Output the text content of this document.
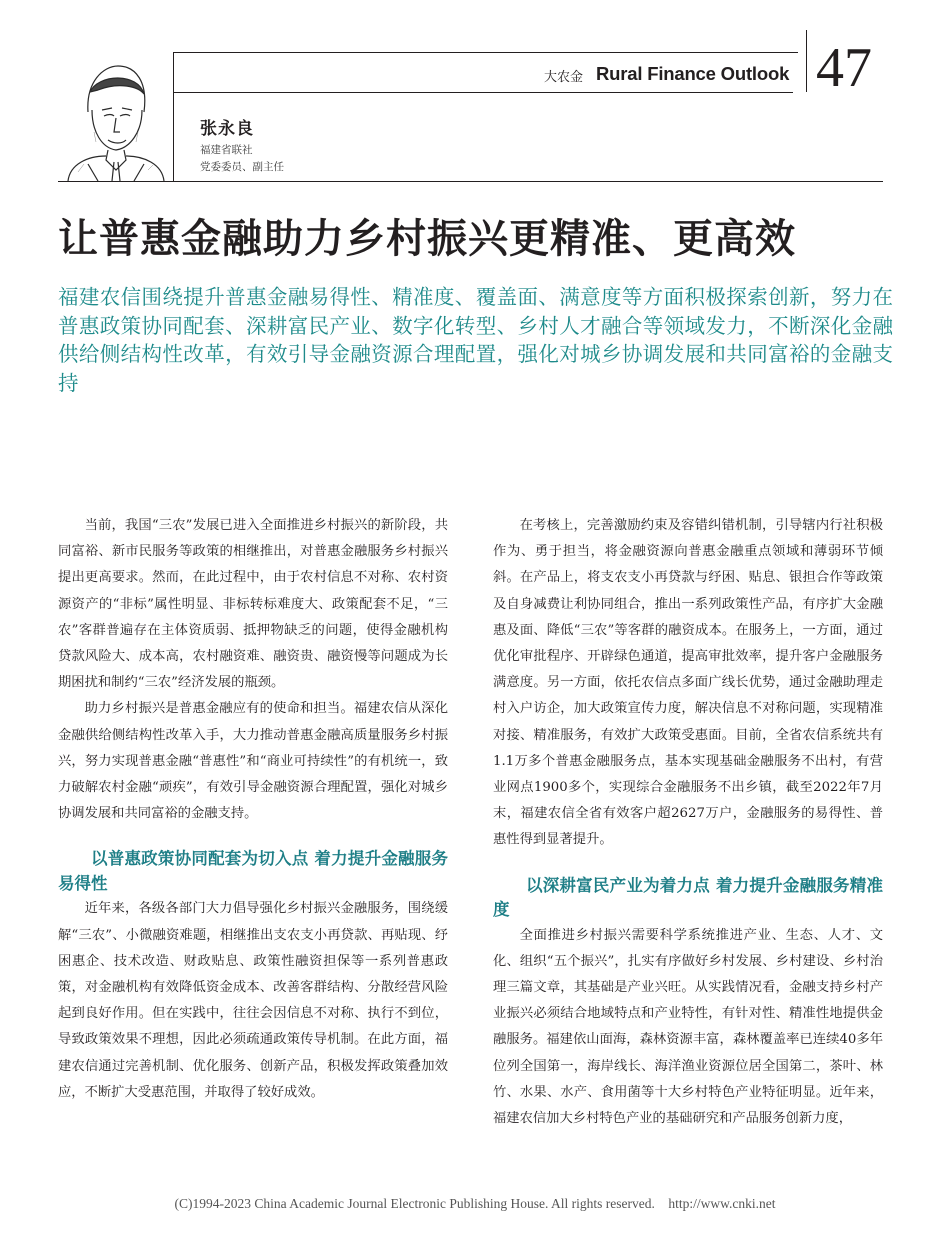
张永良
福建省联社
党委委员、副主任
大农金 Rural Finance Outlook 47
让普惠金融助力乡村振兴更精准、更高效
福建农信围绕提升普惠金融易得性、精准度、覆盖面、满意度等方面积极探索创新，努力在普惠政策协同配套、深耕富民产业、数字化转型、乡村人才融合等领域发力，不断深化金融供给侧结构性改革，有效引导金融资源合理配置，强化对城乡协调发展和共同富裕的金融支持

当前，我国“三农”发展已进入全面推进乡村振兴的新阶段，共同富裕、新市民服务等政策的相继推出，对普惠金融服务乡村振兴提出更高要求。然而，在此过程中，由于农村信息不对称、农村资源资产的“非标”属性明显、非标转标难度大、政策配套不足，“三农”客群普遍存在主体资质弱、抵押物缺乏的问题，使得金融机构贷款风险大、成本高，农村融资难、融资贵、融资慢等问题成为长期困扰和制约“三农”经济发展的瓶颈。

助力乡村振兴是普惠金融应有的使命和担当。福建农信从深化金融供给侧结构性改革入手，大力推动普惠金融高质量服务乡村振兴，努力实现普惠金融“普惠性”和“商业可持续性”的有机统一，致力破解农村金融“顽疾”，有效引导金融资源合理配置，强化对城乡协调发展和共同富裕的金融支持。

以普惠政策协同配套为切入点 着力提升金融服务易得性

近年来，各级各部门大力倡导强化乡村振兴金融服务，围绕缓解“三农”、小微融资难题，相继推出支农支小再贷款、再贴现、纾困惠企、技术改造、财政贴息、政策性融资担保等一系列普惠政策，对金融机构有效降低资金成本、改善客群结构、分散经营风险起到良好作用。但在实践中，往往会因信息不对称、执行不到位，导致政策效果不理想，因此必须疏通政策传导机制。在此方面，福建农信通过完善机制、优化服务、创新产品，积极发挥政策叠加效应，不断扩大受惠范围，并取得了较好成效。

在考核上，完善激励约束及容错纠错机制，引导辖内行社积极作为、勇于担当，将金融资源向普惠金融重点领域和薄弱环节倾斜。在产品上，将支农支小再贷款与纾困、贴息、银担合作等政策及自身减费让利协同组合，推出一系列政策性产品，有序扩大金融惠及面、降低“三农”等客群的融资成本。在服务上，一方面，通过优化审批程序、开辟绿色通道，提高审批效率，提升客户金融服务满意度。另一方面，依托农信点多面广线长优势，通过金融助理走村入户访企，加大政策宣传力度，解决信息不对称问题，实现精准对接、精准服务，有效扩大政策受惠面。目前，全省农信系统共有1.1万多个普惠金融服务点，基本实现基础金融服务不出村，有营业网点1900多个，实现综合金融服务不出乡镇，截至2022年7月末，福建农信全省有效客户超2627万户，金融服务的易得性、普惠性得到显著提升。

以深耕富民产业为着力点 着力提升金融服务精准度

全面推进乡村振兴需要科学系统推进产业、生态、人才、文化、组织“五个振兴”，扎实有序做好乡村发展、乡村建设、乡村治理三篇文章，其基础是产业兴旺。从实践情况看，金融支持乡村产业振兴必须结合地域特点和产业特性，有针对性、精准性地提供金融服务。福建依山面海，森林资源丰富，森林覆盖率已连续40多年位列全国第一，海岸线长、海洋渔业资源位居全国第二，茶叶、林竹、水果、水产、食用菌等十大乡村特色产业特征明显。近年来，福建农信加大乡村特色产业的基础研究和产品服务创新力度，

(C)1994-2023 China Academic Journal Electronic Publishing House. All rights reserved.    http://www.cnki.net
